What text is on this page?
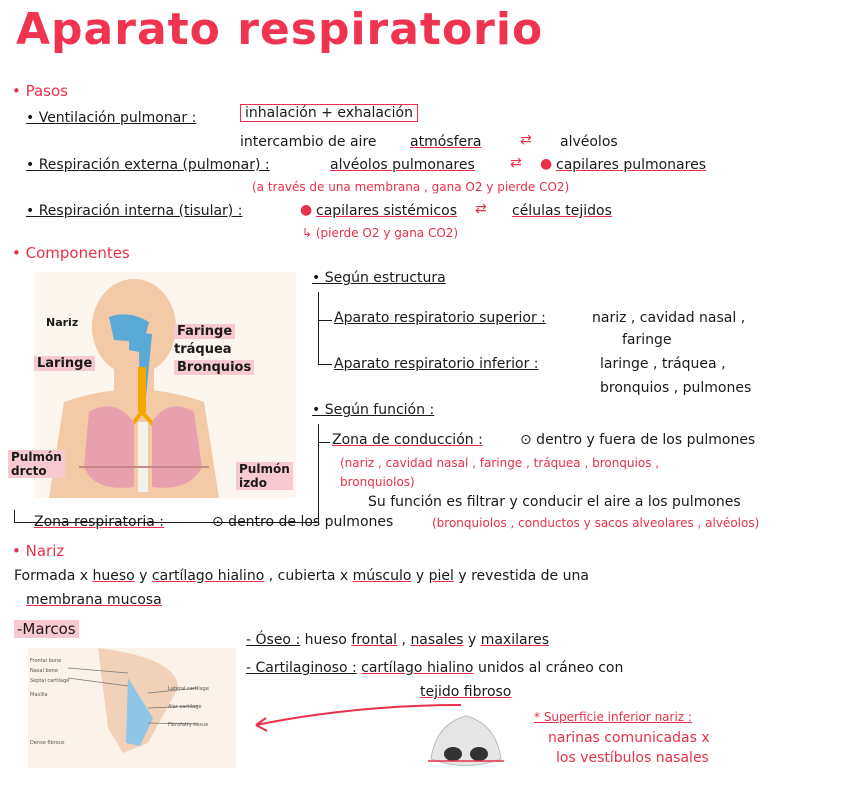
Aparato respiratorio
• Pasos
• Ventilación pulmonar :	inhalación + exhalación
intercambio de aire atmósfera	⇄ alvéolos
• Respiración externa (pulmonar) :	alvéolos pulmonares	⇄ ● capilares pulmonares
(a través de una membrana , gana O2 y pierde CO2)
• Respiración interna (tisular) :	● capilares sistémicos ⇄ células tejidos
↳ (pierde O2 y gana CO2)
• Componentes
Nariz
Faringe
tráquea
Bronquios
Laringe
Pulmón
drcto	Pulmón
izdo
• Según estructura
Aparato respiratorio superior :	nariz , cavidad nasal ,
faringe
Aparato respiratorio inferior :	laringe , tráquea ,
bronquios , pulmones
• Según función :
Zona de conducción :	⊙ dentro y fuera de los pulmones
(nariz , cavidad nasal , faringe , tráquea , bronquios ,
bronquiolos)
Su función es filtrar y conducir el aire a los pulmones
Zona respiratoria :	⊙ dentro de los pulmones	(bronquiolos , conductos y sacos alveolares , alvéolos)
• Nariz
Formada x hueso y cartílago hialino , cubierta x músculo y piel y revestida de una
membrana mucosa
-Marcos
Frontal bone
Nasal bone
Septal cartilage
Maxilla
Lateral cartilage
Alar cartilage
Fibrofatty tissue
Dense fibrous
- Óseo : hueso frontal , nasales y maxilares
- Cartilaginoso : cartílago hialino unidos al cráneo con
tejido fibroso
* Superficie inferior nariz :
narinas comunicadas x
los vestíbulos nasales
